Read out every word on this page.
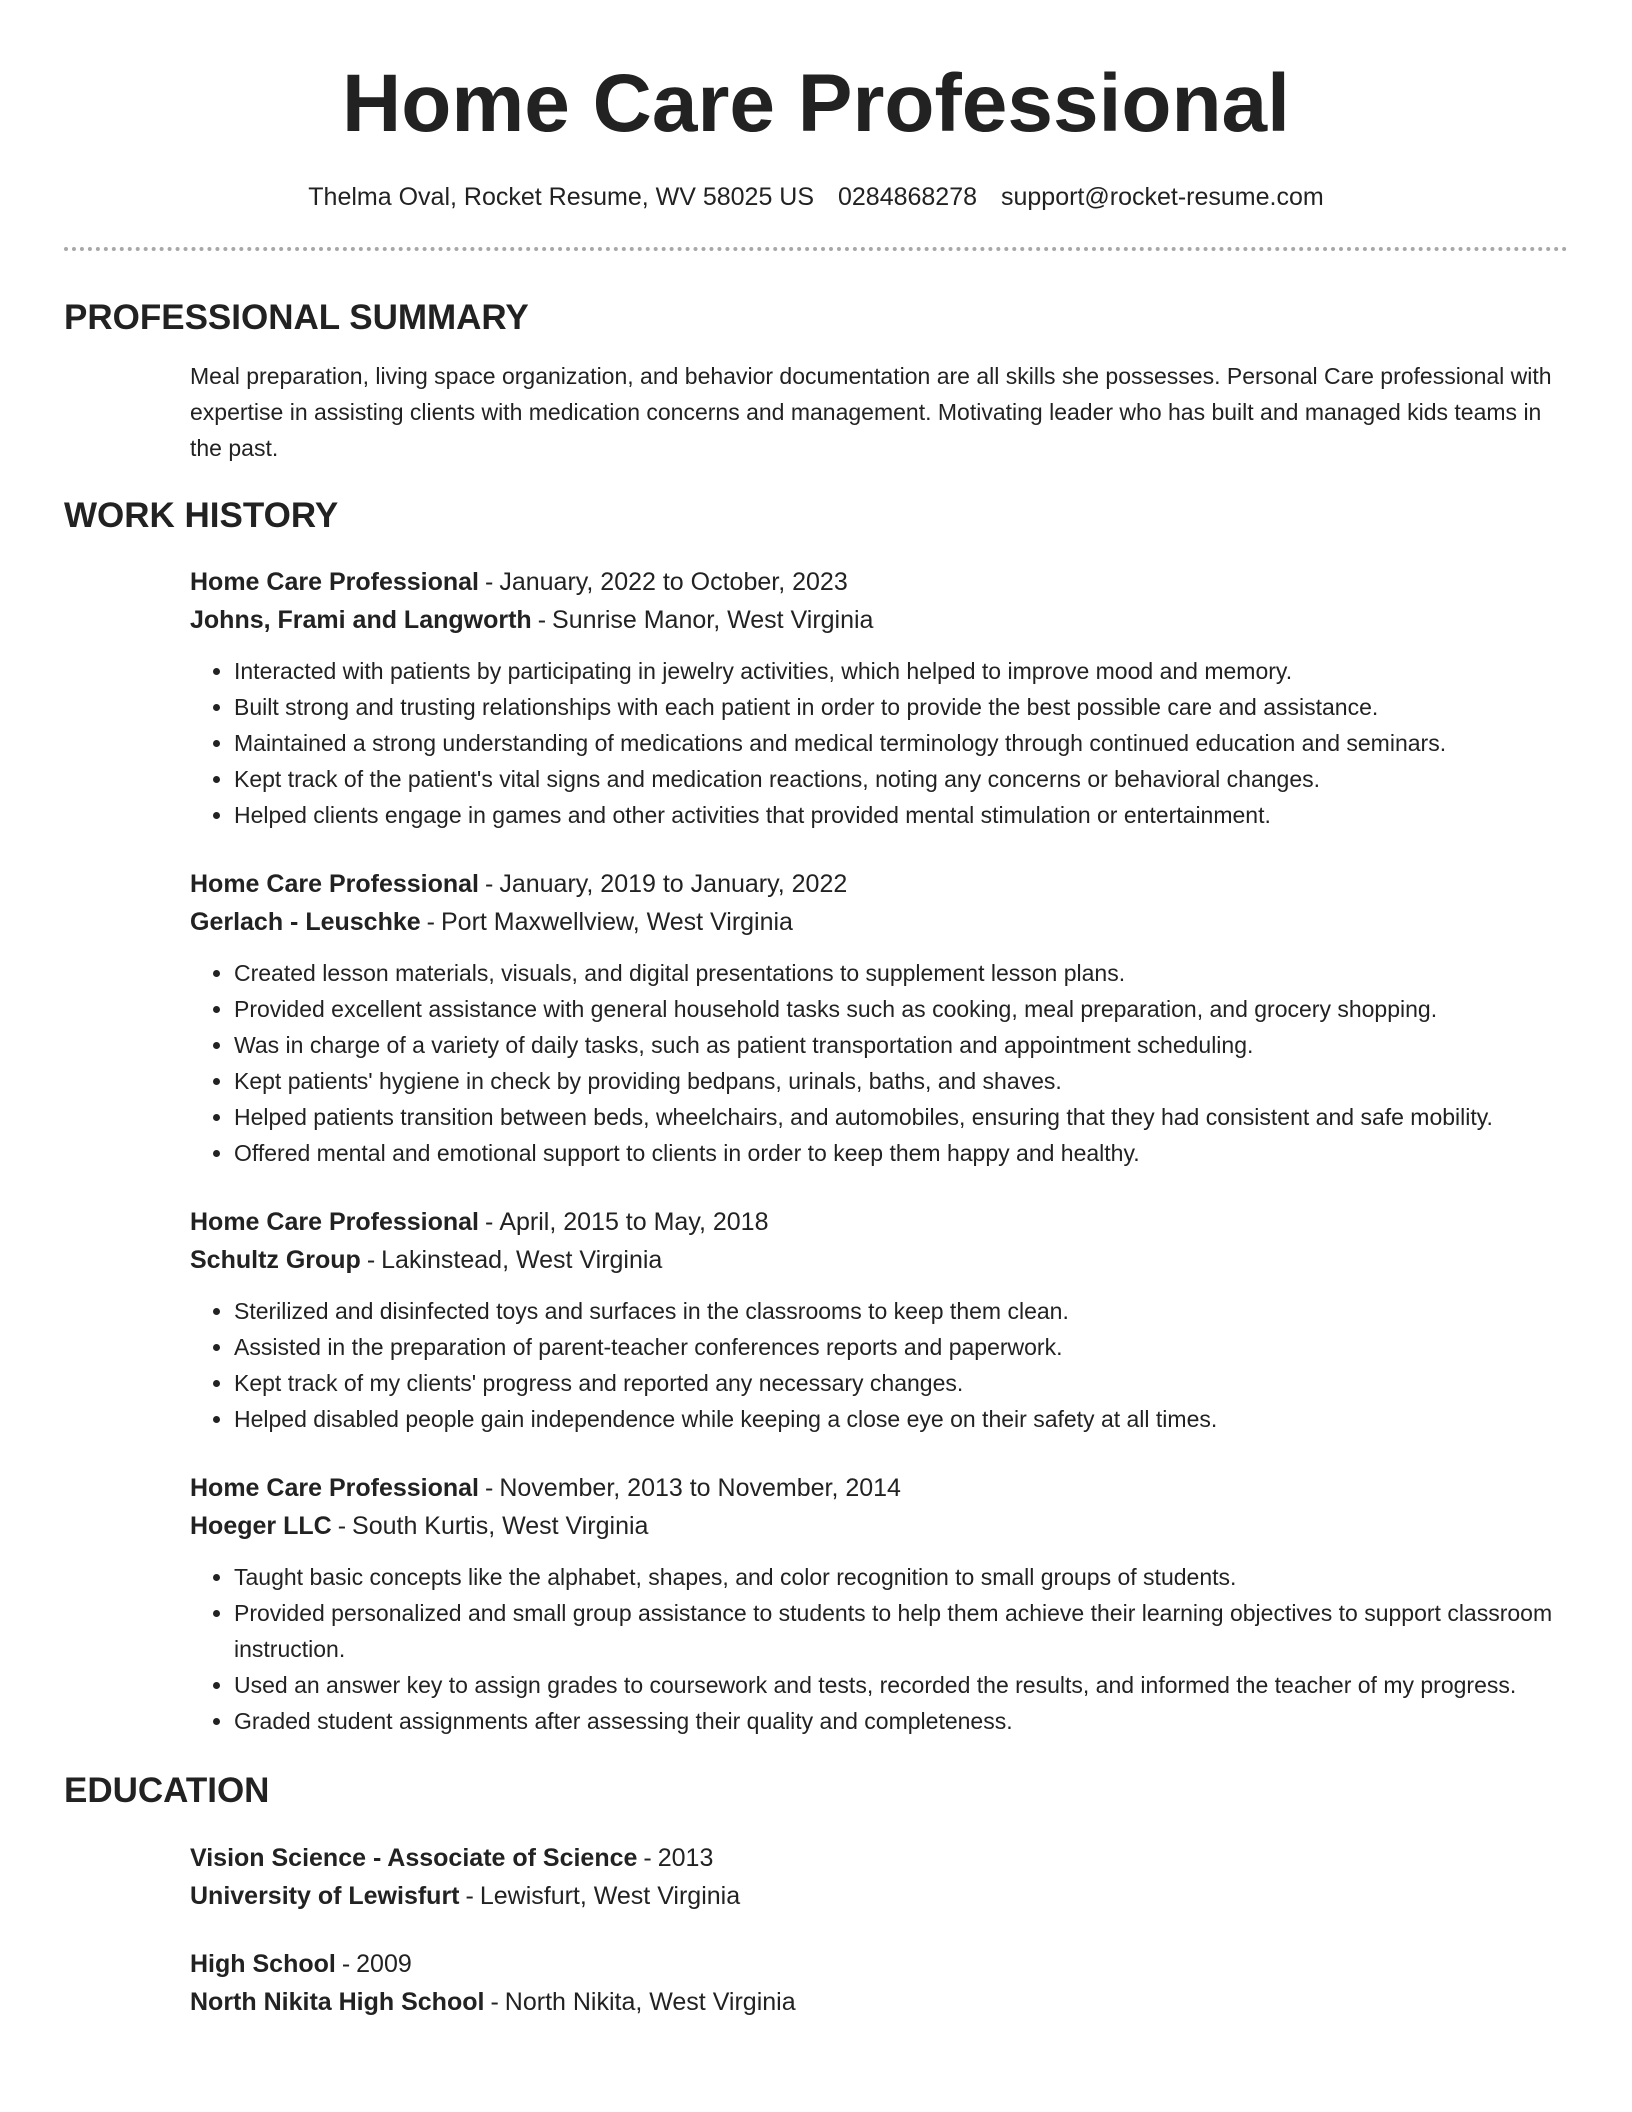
Home Care Professional
Thelma Oval, Rocket Resume, WV 58025 US 0284868278 support@rocket-resume.com
PROFESSIONAL SUMMARY
Meal preparation, living space organization, and behavior documentation are all skills she possesses. Personal Care professional with expertise in assisting clients with medication concerns and management. Motivating leader who has built and managed kids teams in the past.
WORK HISTORY
Home Care Professional - January, 2022 to October, 2023
Johns, Frami and Langworth - Sunrise Manor, West Virginia
• Interacted with patients by participating in jewelry activities, which helped to improve mood and memory.
• Built strong and trusting relationships with each patient in order to provide the best possible care and assistance.
• Maintained a strong understanding of medications and medical terminology through continued education and seminars.
• Kept track of the patient's vital signs and medication reactions, noting any concerns or behavioral changes.
• Helped clients engage in games and other activities that provided mental stimulation or entertainment.
Home Care Professional - January, 2019 to January, 2022
Gerlach - Leuschke - Port Maxwellview, West Virginia
• Created lesson materials, visuals, and digital presentations to supplement lesson plans.
• Provided excellent assistance with general household tasks such as cooking, meal preparation, and grocery shopping.
• Was in charge of a variety of daily tasks, such as patient transportation and appointment scheduling.
• Kept patients' hygiene in check by providing bedpans, urinals, baths, and shaves.
• Helped patients transition between beds, wheelchairs, and automobiles, ensuring that they had consistent and safe mobility.
• Offered mental and emotional support to clients in order to keep them happy and healthy.
Home Care Professional - April, 2015 to May, 2018
Schultz Group - Lakinstead, West Virginia
• Sterilized and disinfected toys and surfaces in the classrooms to keep them clean.
• Assisted in the preparation of parent-teacher conferences reports and paperwork.
• Kept track of my clients' progress and reported any necessary changes.
• Helped disabled people gain independence while keeping a close eye on their safety at all times.
Home Care Professional - November, 2013 to November, 2014
Hoeger LLC - South Kurtis, West Virginia
• Taught basic concepts like the alphabet, shapes, and color recognition to small groups of students.
• Provided personalized and small group assistance to students to help them achieve their learning objectives to support classroom instruction.
• Used an answer key to assign grades to coursework and tests, recorded the results, and informed the teacher of my progress.
• Graded student assignments after assessing their quality and completeness.
EDUCATION
Vision Science - Associate of Science - 2013
University of Lewisfurt - Lewisfurt, West Virginia
High School - 2009
North Nikita High School - North Nikita, West Virginia
